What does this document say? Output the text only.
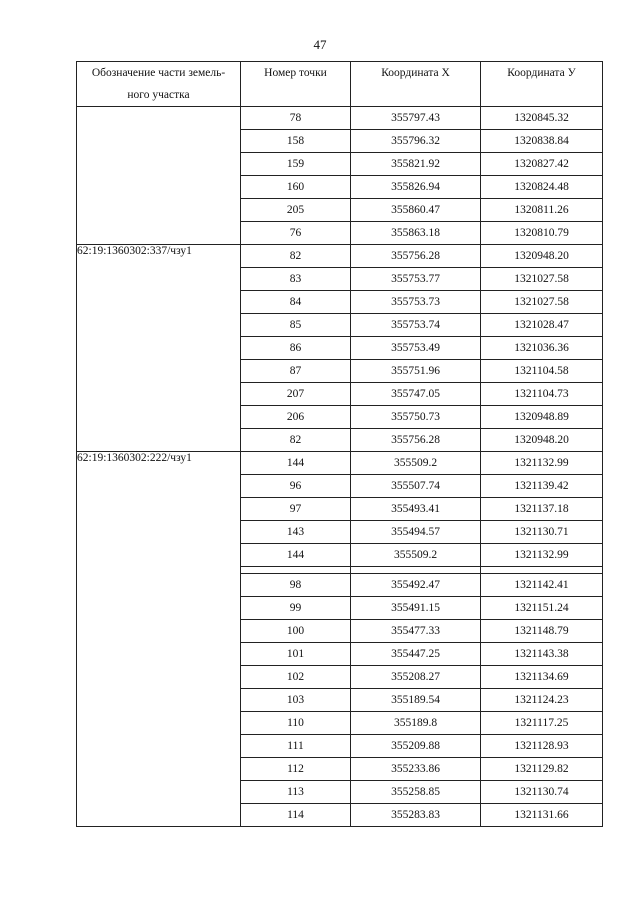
47
Обозначение части земель-
ного участка	Номер точки	Координата X	Координата У
	78	355797.43	1320845.32
	158	355796.32	1320838.84
	159	355821.92	1320827.42
	160	355826.94	1320824.48
	205	355860.47	1320811.26
	76	355863.18	1320810.79
62:19:1360302:337/чзу1	82	355756.28	1320948.20
	83	355753.77	1321027.58
	84	355753.73	1321027.58
	85	355753.74	1321028.47
	86	355753.49	1321036.36
	87	355751.96	1321104.58
	207	355747.05	1321104.73
	206	355750.73	1320948.89
	82	355756.28	1320948.20
62:19:1360302:222/чзу1	144	355509.2	1321132.99
	96	355507.74	1321139.42
	97	355493.41	1321137.18
	143	355494.57	1321130.71
	144	355509.2	1321132.99

	98	355492.47	1321142.41
	99	355491.15	1321151.24
	100	355477.33	1321148.79
	101	355447.25	1321143.38
	102	355208.27	1321134.69
	103	355189.54	1321124.23
	110	355189.8	1321117.25
	111	355209.88	1321128.93
	112	355233.86	1321129.82
	113	355258.85	1321130.74
	114	355283.83	1321131.66
